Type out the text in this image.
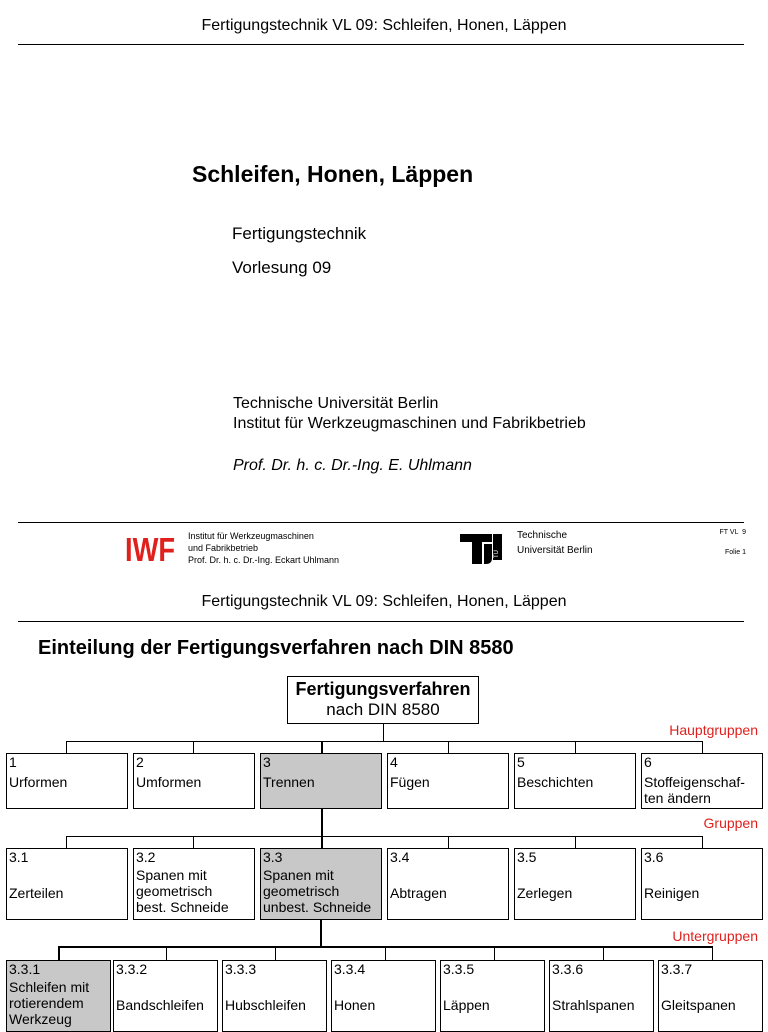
Fertigungstechnik VL 09: Schleifen, Honen, Läppen
Schleifen, Honen, Läppen
Fertigungstechnik
Vorlesung 09
Technische Universität Berlin
Institut für Werkzeugmaschinen und Fabrikbetrieb
Prof. Dr. h. c. Dr.-Ing. E. Uhlmann
IWF Institut für Werkzeugmaschinen
und Fabrikbetrieb
Prof. Dr. h. c. Dr.-Ing. Eckart Uhlmann
TU
Technische
Universität Berlin
FT VL  9
Folie 1
Fertigungstechnik VL 09: Schleifen, Honen, Läppen
Einteilung der Fertigungsverfahren nach DIN 8580
Fertigungsverfahren
nach DIN 8580
Hauptgruppen
Gruppen
Untergruppen
1
Urformen
2
Umformen
3
Trennen
4
Fügen
5
Beschichten
6
Stoffeigenschaf-
ten ändern
3.1
Zerteilen
3.2
Spanen mit
geometrisch
best. Schneide
3.3
Spanen mit
geometrisch
unbest. Schneide
3.4
Abtragen
3.5
Zerlegen
3.6
Reinigen
3.3.1
Schleifen mit
rotierendem
Werkzeug
3.3.2
Bandschleifen
3.3.3
Hubschleifen
3.3.4
Honen
3.3.5
Läppen
3.3.6
Strahlspanen
3.3.7
Gleitspanen
